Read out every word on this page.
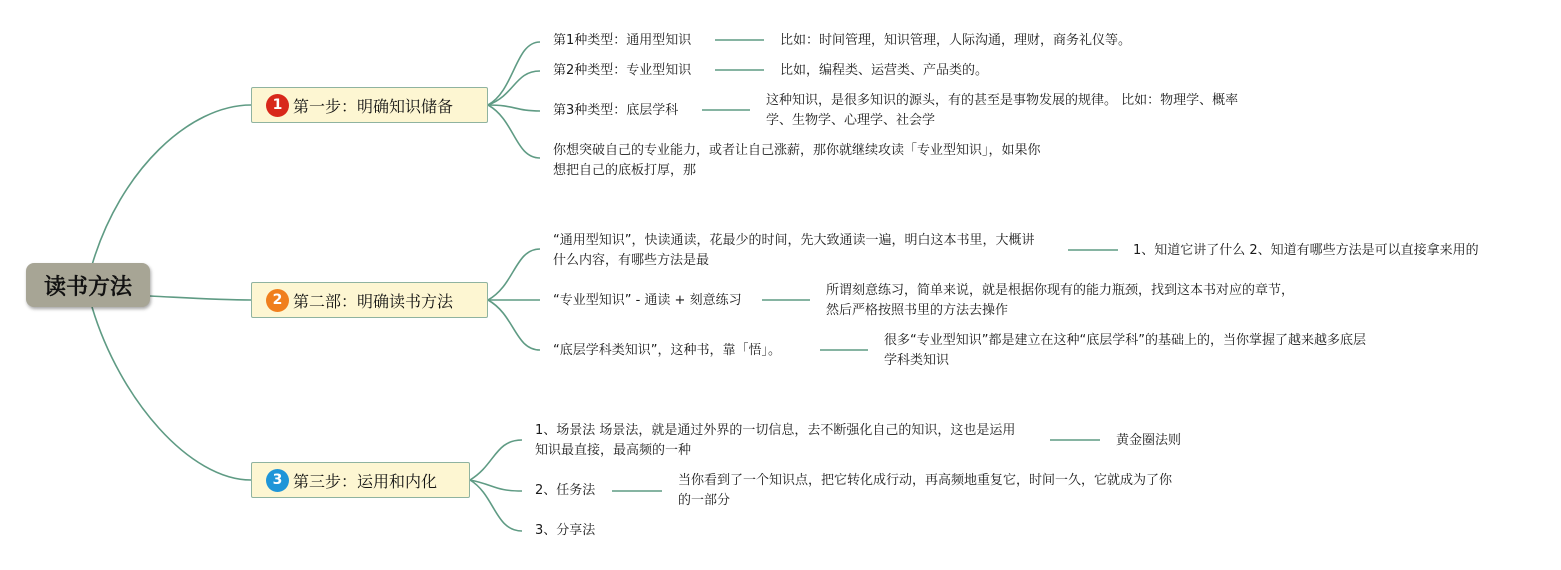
读书方法
1 第一步：明确知识储备
2 第二部：明确读书方法
3 第三步：运用和内化
第1种类型：通用型知识	比如：时间管理，知识管理，人际沟通，理财，商务礼仪等。
第2种类型：专业型知识	比如，编程类、运营类、产品类的。
第3种类型：底层学科
这种知识，是很多知识的源头，有的甚至是事物发展的规律。 比如：物理学、概率学、生物学、心理学、社会学
你想突破自己的专业能力，或者让自己涨薪，那你就继续攻读「专业型知识」，如果你想把自己的底板打厚，那
“通用型知识”，快读通读，花最少的时间，先大致通读一遍，明白这本书里，大概讲什么内容，有哪些方法是最
1、知道它讲了什么 2、知道有哪些方法是可以直接拿来用的
“专业型知识” - 通读 + 刻意练习
所谓刻意练习，简单来说，就是根据你现有的能力瓶颈，找到这本书对应的章节，然后严格按照书里的方法去操作
“底层学科类知识”，这种书，靠「悟」。
很多“专业型知识”都是建立在这种“底层学科”的基础上的，当你掌握了越来越多底层学科类知识
1、场景法 场景法，就是通过外界的一切信息，去不断强化自己的知识，这也是运用知识最直接，最高频的一种
黄金圈法则
2、任务法
当你看到了一个知识点，把它转化成行动，再高频地重复它，时间一久，它就成为了你的一部分
3、分享法
